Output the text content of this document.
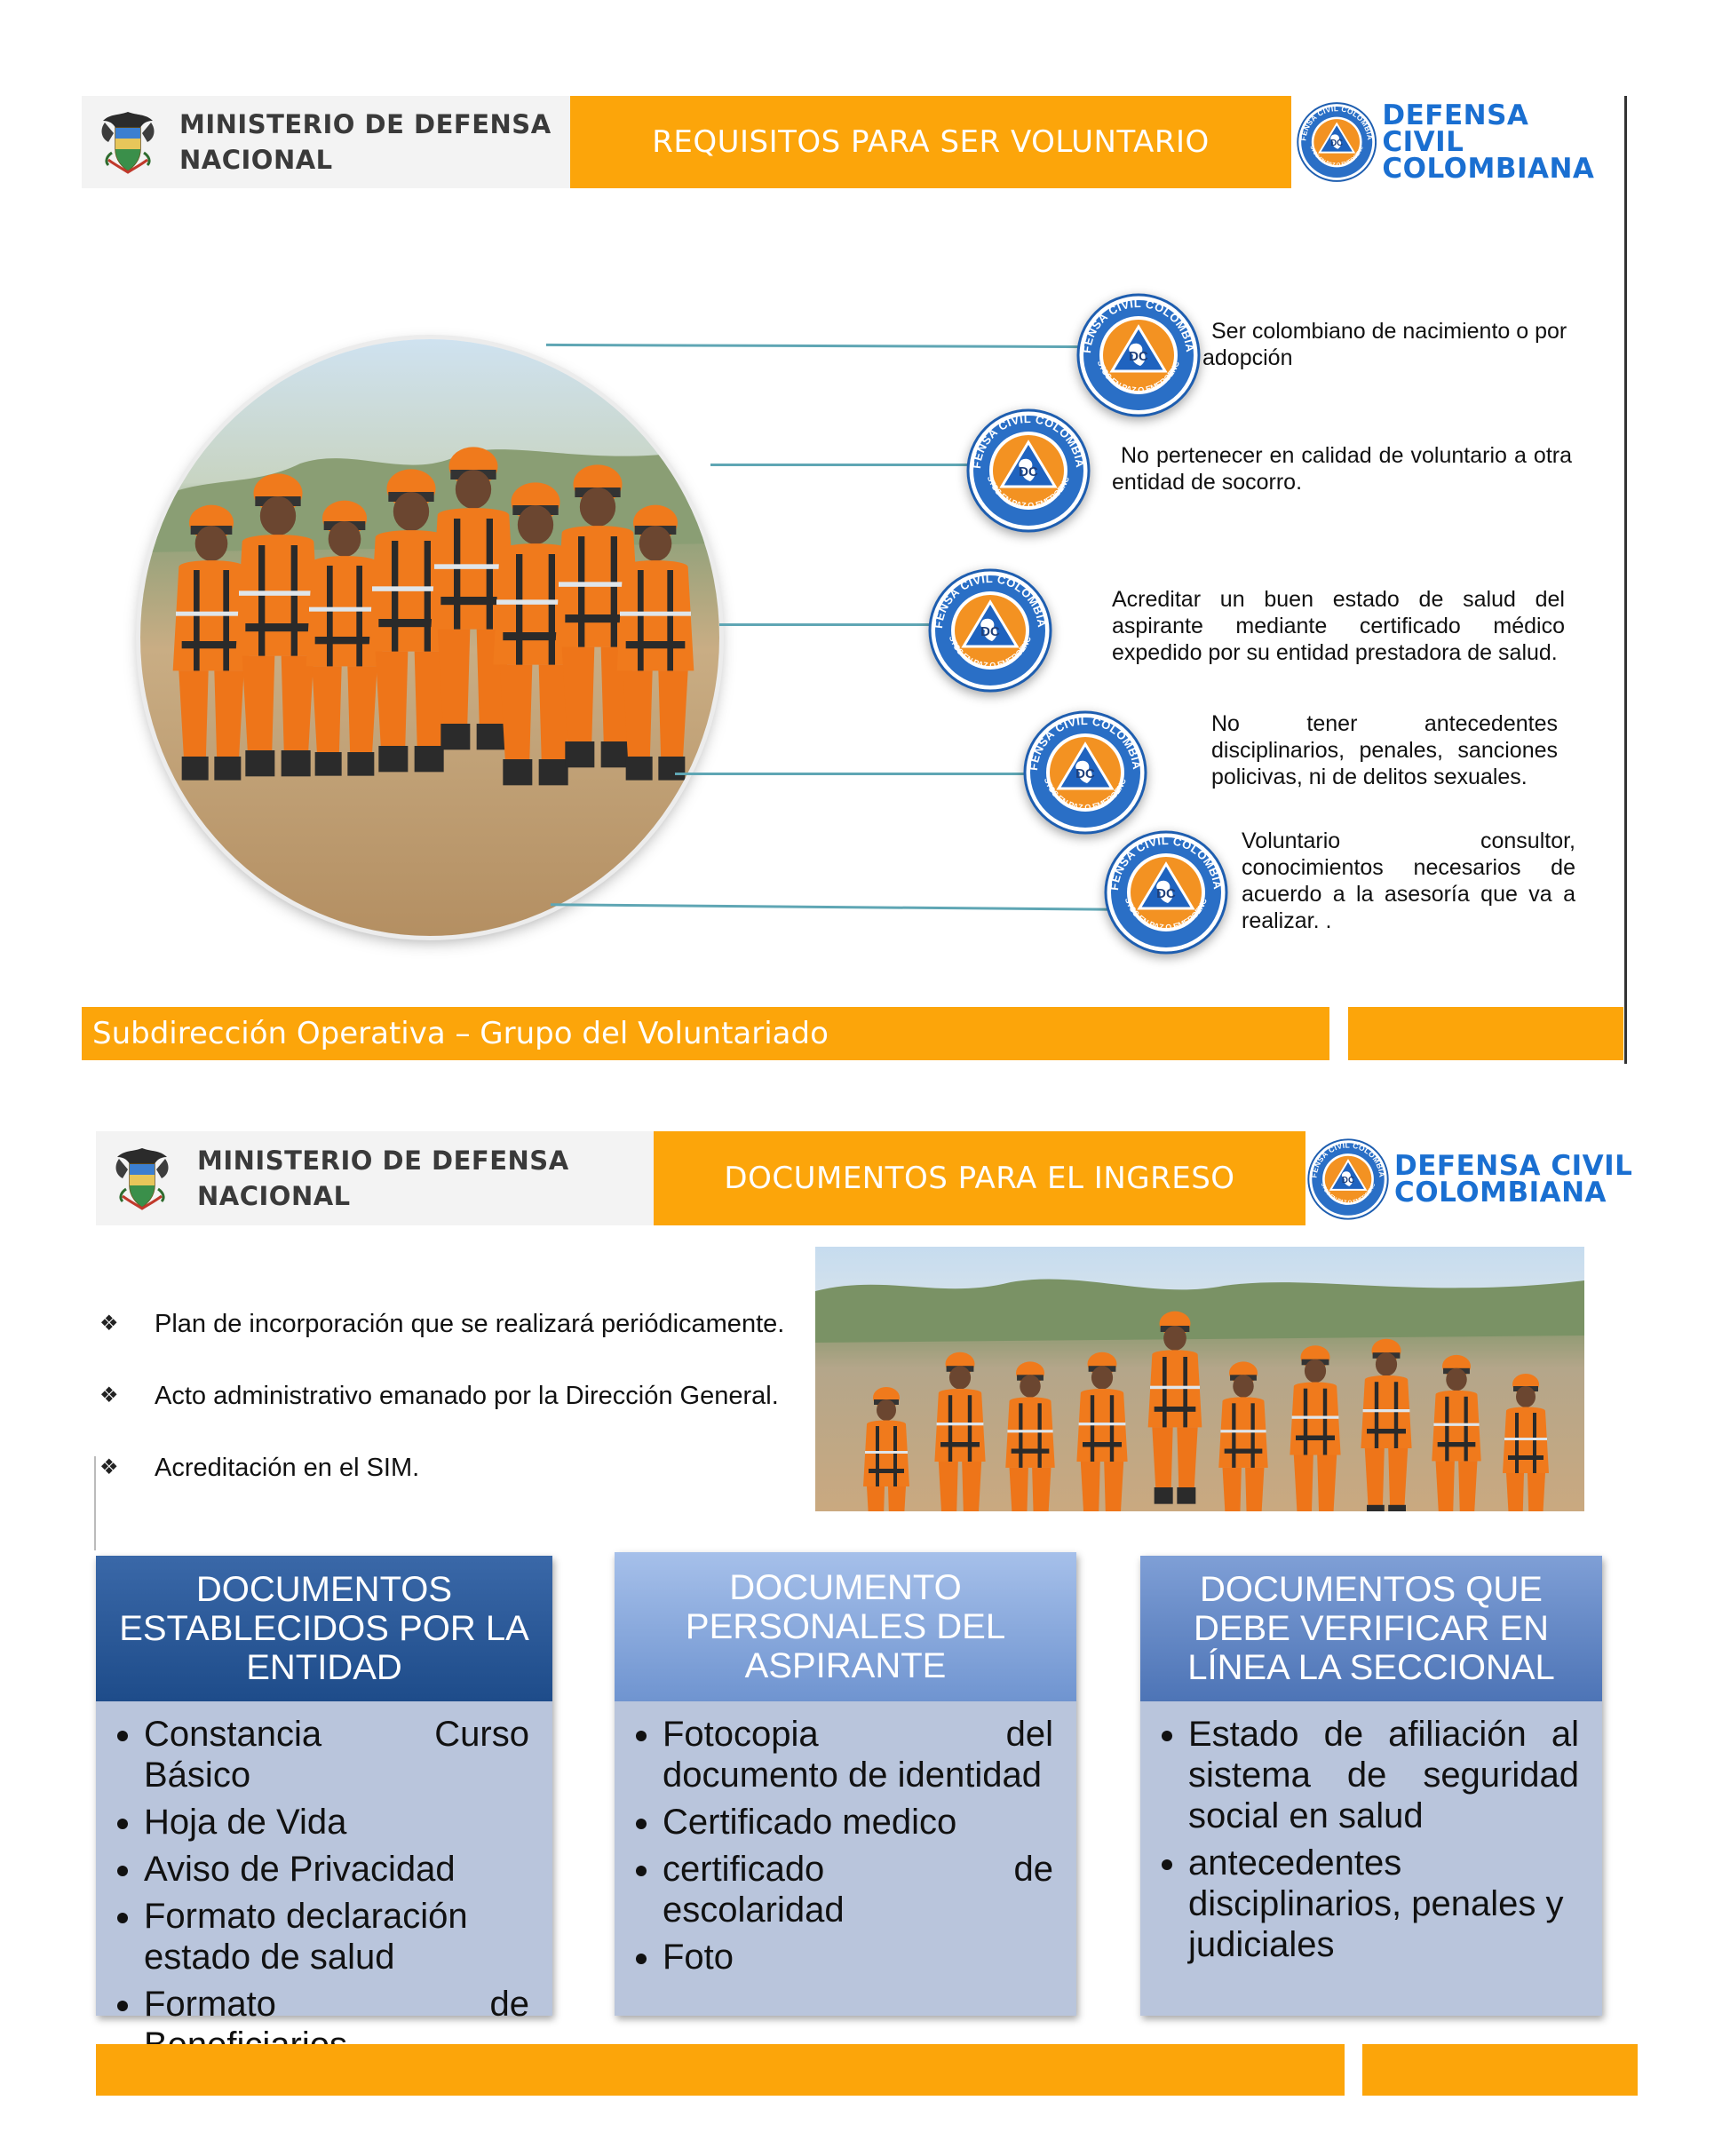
MINISTERIO DE DEFENSA
NACIONAL	REQUISITOS PARA SER VOLUNTARIO
DEFENSA CIVIL
COLOMBIANA
Ser colombiano de nacimiento o por adopción
No pertenecer en calidad de voluntario a otra entidad de socorro.
Acreditar un buen estado de salud del aspirante mediante certificado médico expedido por su entidad prestadora de salud.
No tener antecedentes disciplinarios, penales, sanciones policivas, ni de delitos sexuales.
Voluntario consultor, conocimientos necesarios de acuerdo a la asesoría que va a realizar. .
Subdirección Operativa – Grupo del Voluntariado
MINISTERIO DE DEFENSA
NACIONAL	DOCUMENTOS PARA EL INGRESO	DEFENSA CIVIL
COLOMBIANA
❖	Plan de incorporación que se realizará periódicamente.
❖	Acto administrativo emanado por la Dirección General.
❖	Acreditación en el SIM.
DOCUMENTOS ESTABLECIDOS POR LA ENTIDAD
• Constancia Curso Básico
• Hoja de Vida
• Aviso de Privacidad
• Formato declaración estado de salud
• Formato de
DOCUMENTO PERSONALES DEL ASPIRANTE
• Fotocopia del documento de identidad
• Certificado medico
• certificado de escolaridad
• Foto
DOCUMENTOS QUE DEBE VERIFICAR EN LÍNEA LA SECCIONAL
• Estado de afiliación al sistema de seguridad social en salud
• antecedentes disciplinarios, penales y judiciales
